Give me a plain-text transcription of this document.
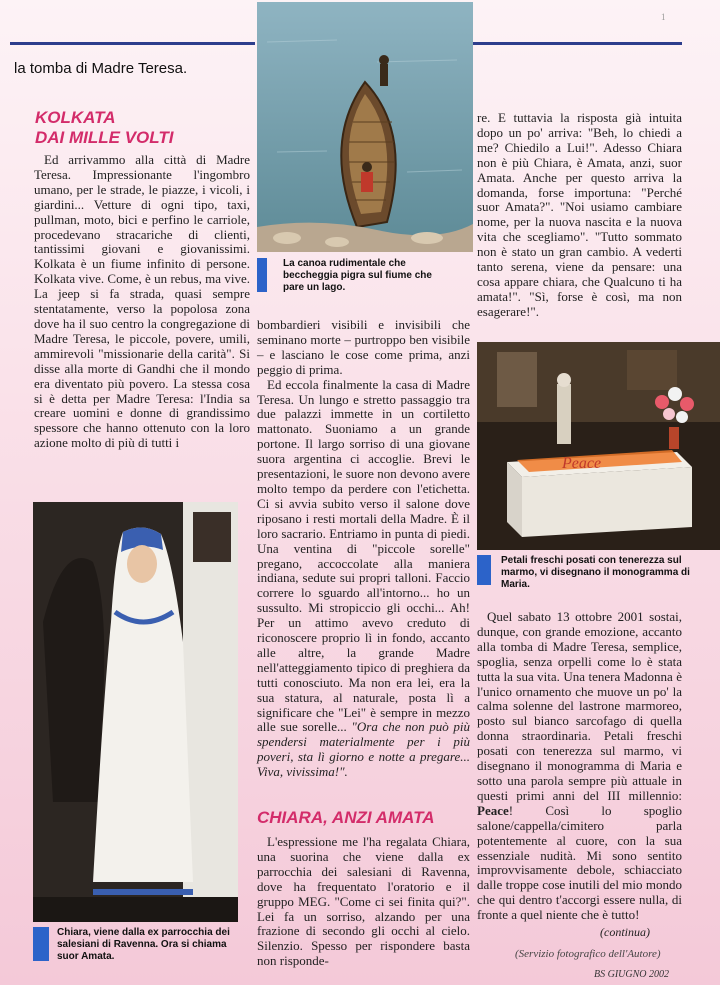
1
la tomba di Madre Teresa.
KOLKATA
DAI MILLE VOLTI

Ed arrivammo alla città di Madre Teresa. Impressionante l'ingombro umano, per le strade, le piazze, i vicoli, i giardini... Vetture di ogni tipo, taxi, pullman, moto, bici e perfino le carriole, procedevano stracariche di clienti, tantissimi giovani e giovanissimi. Kolkata è un fiume infinito di persone. Kolkata vive. Come, è un rebus, ma vive. La jeep si fa strada, quasi sempre stentatamente, verso la popolosa zona dove ha il suo centro la congregazione di Madre Teresa, le piccole, povere, umili, ammirevoli "missionarie della carità". Si disse alla morte di Gandhi che il mondo era diventato più povero. La stessa cosa si è detta per Madre Teresa: l'India sa creare uomini e donne di grandissimo spessore che hanno ottenuto con la loro azione molto di più di tutti i

La canoa rudimentale che beccheggia pigra sul fiume che pare un lago.

bombardieri visibili e invisibili che seminano morte – purtroppo ben visibile – e lasciano le cose come prima, anzi peggio di prima.

Ed eccola finalmente la casa di Madre Teresa. Un lungo e stretto passaggio tra due palazzi immette in un cortiletto mattonato. Suoniamo a un grande portone. Il largo sorriso di una giovane suora argentina ci accoglie. Brevi le presentazioni, le suore non devono avere molto tempo da perdere con l'etichetta. Ci si avvia subito verso il salone dove riposano i resti mortali della Madre. È il loro sacrario. Entriamo in punta di piedi. Una ventina di "piccole sorelle" pregano, accoccolate alla maniera indiana, sedute sui propri talloni. Faccio correre lo sguardo all'intorno... ho un sussulto. Mi stropiccio gli occhi... Ah! Per un attimo avevo creduto di riconoscere proprio lì in fondo, accanto alle altre, la grande Madre nell'atteggiamento tipico di preghiera da tutti conosciuto. Ma non era lei, era la sua statura, al naturale, posta lì a significare che "Lei" è sempre in mezzo alle sue sorelle... "Ora che non può più spendersi materialmente per i più poveri, sta lì giorno e notte a pregare... Viva, vivissima!".

CHIARA, ANZI AMATA

L'espressione me l'ha regalata Chiara, una suorina che viene dalla ex parrocchia dei salesiani di Ravenna, dove ha frequentato l'oratorio e il gruppo MEG. "Come ci sei finita qui?". Lei fa un sorriso, alzando per una frazione di secondo gli occhi al cielo. Silenzio. Spesso per rispondere basta non risponde-

re. E tuttavia la risposta già intuita dopo un po' arriva: "Beh, lo chiedi a me? Chiedilo a Lui!". Adesso Chiara non è più Chiara, è Amata, anzi, suor Amata. Anche per questo arriva la domanda, forse importuna: "Perché suor Amata?". "Noi usiamo cambiare nome, per la nuova nascita e la nuova vita che scegliamo". "Tutto sommato non è stato un gran cambio. A vederti tanto serena, viene da pensare: una cosa appare chiara, che Qualcuno ti ha amata!". "Sì, forse è così, ma non esagerare!".

Peace
Petali freschi posati con tenerezza sul marmo, vi disegnano il monogramma di Maria.

Quel sabato 13 ottobre 2001 sostai, dunque, con grande emozione, accanto alla tomba di Madre Teresa, semplice, spoglia, senza orpelli come lo è stata tutta la sua vita. Una tenera Madonna è l'unico ornamento che muove un po' la calma solenne del lastrone marmoreo, posto sul bianco sarcofago di quella donna straordinaria. Petali freschi posati con tenerezza sul marmo, vi disegnano il monogramma di Maria e sotto una parola sempre più attuale in questi primi anni del III millennio: Peace! Così lo spoglio salone/cappella/cimitero parla potentemente al cuore, con la sua essenziale nudità. Mi sono sentito improvvisamente debole, schiacciato dalle troppe cose inutili del mio mondo che qui dentro t'accorgi essere nulla, di fronte a quel niente che è tutto!

(continua)
(Servizio fotografico dell'Autore)
BS GIUGNO 2002
Chiara, viene dalla ex parrocchia dei salesiani di Ravenna. Ora si chiama suor Amata.
